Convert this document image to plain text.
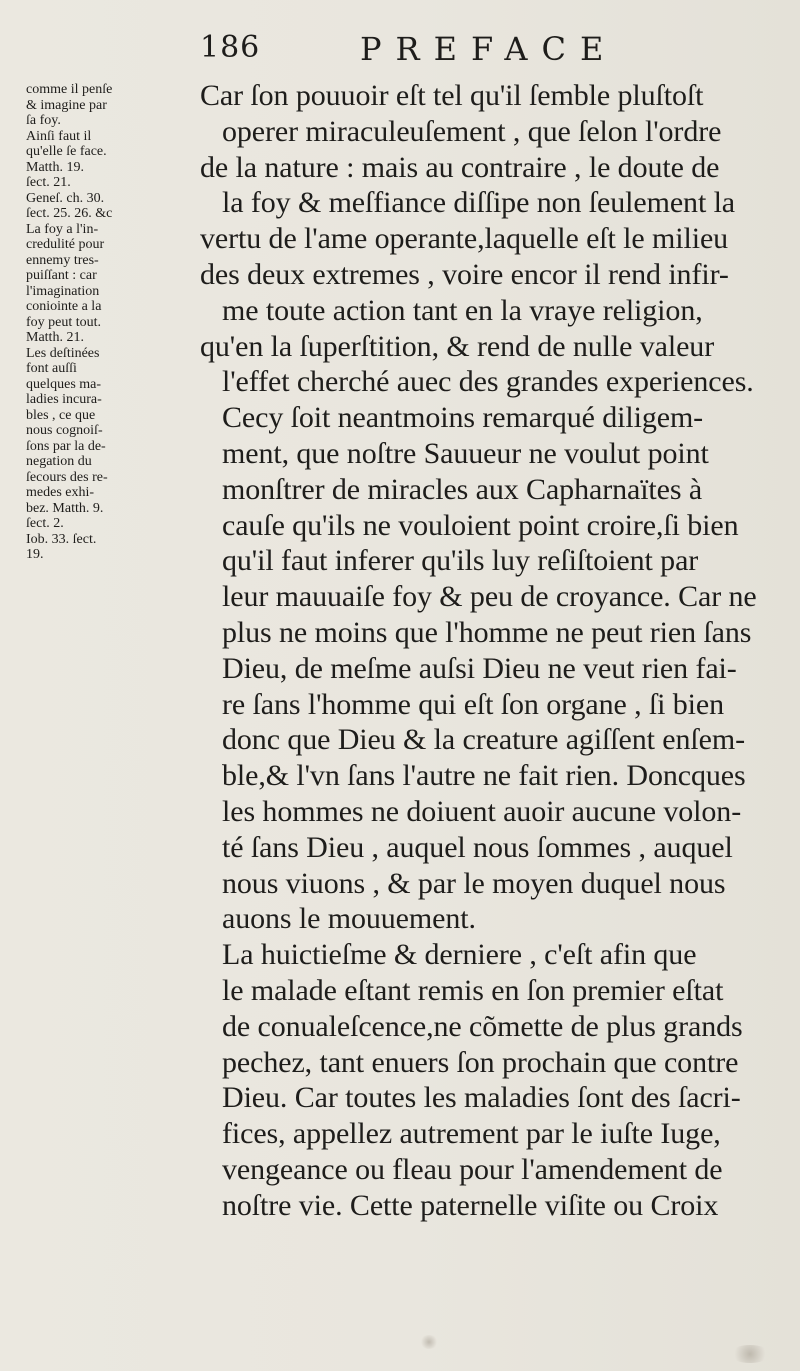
186	PREFACE
comme il penſe
& imagine par
ſa foy.
Ainſi faut il
qu'elle ſe face.
Matth. 19.
ſect. 21.
Geneſ. ch. 30.
ſect. 25. 26. &c
La foy a l'in-
credulité pour
ennemy tres-
puiſſant : car
l'imagination
coniointe a la
foy peut tout.
Matth. 21.
Les deſtinées
font auſſi
quelques ma-
ladies incura-
bles , ce que
nous cognoiſ-
ſons par la de-
negation du
ſecours des re-
medes exhi-
bez. Matth. 9.
ſect. 2.
Iob. 33. ſect.
19.
Car ſon pouuoir eſt tel qu'il ſemble pluſtoſt
operer miraculeuſement , que ſelon l'ordre
de la nature : mais au contraire , le doute de
la foy & meſfiance diſſipe non ſeulement la
vertu de l'ame operante,laquelle eſt le milieu
des deux extremes , voire encor il rend infir-
me toute action tant en la vraye religion,
qu'en la ſuperſtition, & rend de nulle valeur
l'effet cherché auec des grandes experiences.
Cecy ſoit neantmoins remarqué diligem-
ment, que noſtre Sauueur ne voulut point
monſtrer de miracles aux Capharnaïtes à
cauſe qu'ils ne vouloient point croire,ſi bien
qu'il faut inferer qu'ils luy reſiſtoient par
leur mauuaiſe foy & peu de croyance. Car ne
plus ne moins que l'homme ne peut rien ſans
Dieu, de meſme auſsi Dieu ne veut rien fai-
re ſans l'homme qui eſt ſon organe , ſi bien
donc que Dieu & la creature agiſſent enſem-
ble,& l'vn ſans l'autre ne fait rien. Doncques
les hommes ne doiuent auoir aucune volon-
té ſans Dieu , auquel nous ſommes , auquel
nous viuons , & par le moyen duquel nous
auons le mouuement.
La huictieſme & derniere , c'eſt afin que
le malade eſtant remis en ſon premier eſtat
de conualeſcence,ne cõmette de plus grands
pechez, tant enuers ſon prochain que contre
Dieu. Car toutes les maladies ſont des ſacri-
fices, appellez autrement par le iuſte Iuge,
vengeance ou fleau pour l'amendement de
noſtre vie. Cette paternelle viſite ou Croix
